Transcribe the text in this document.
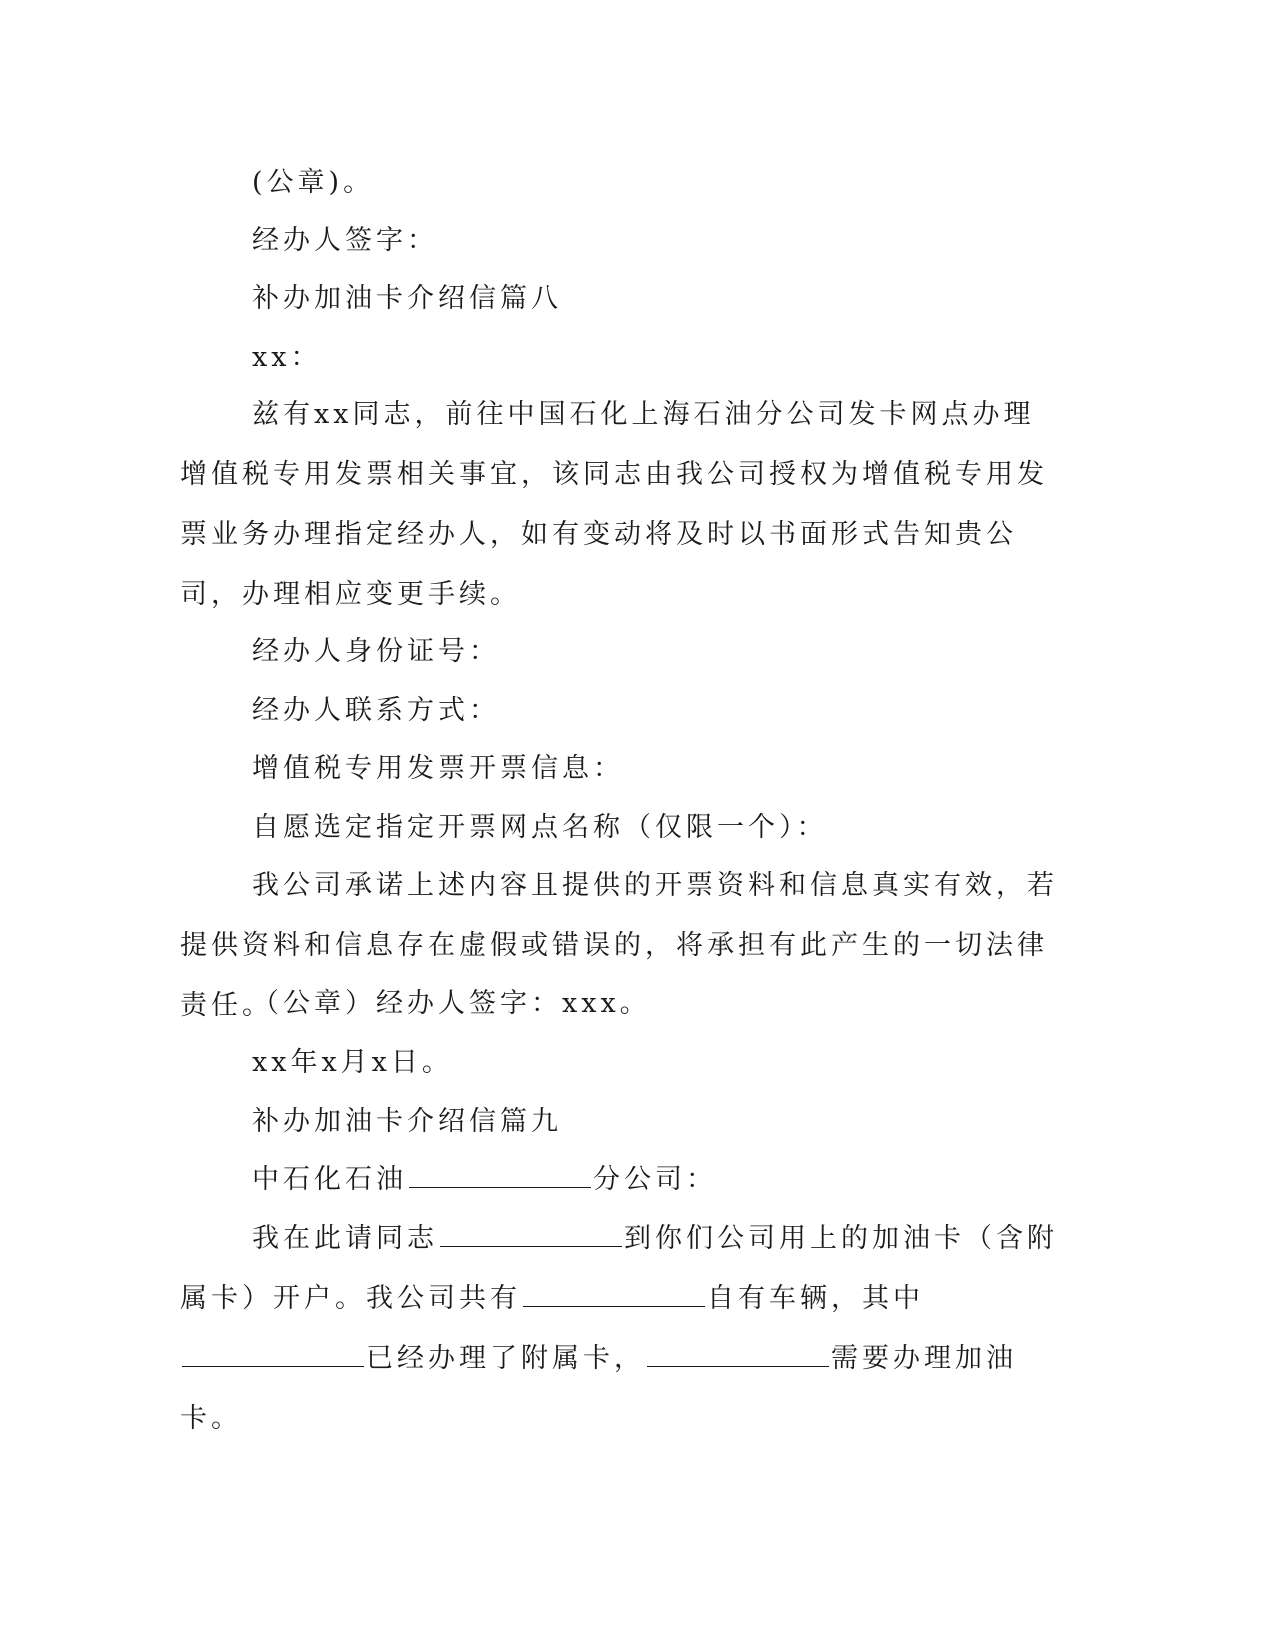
(公章)。

经办人签字：

补办加油卡介绍信篇八

xx：

兹有xx同志，前往中国石化上海石油分公司发卡网点办理增值税专用发票相关事宜，该同志由我公司授权为增值税专用发票业务办理指定经办人，如有变动将及时以书面形式告知贵公司，办理相应变更手续。

经办人身份证号：

经办人联系方式：

增值税专用发票开票信息：

自愿选定指定开票网点名称（仅限一个）：

我公司承诺上述内容且提供的开票资料和信息真实有效，若提供资料和信息存在虚假或错误的，将承担有此产生的一切法律责任。

（公章）经办人签字：xxx。

xx年x月x日。

补办加油卡介绍信篇九

中石化石油	分公司：

我在此请同志	到你们公司用上的加油卡（含附属卡）开户。我公司共有	自有车辆，其中已经办理了附属卡，	需要办理加油卡。
